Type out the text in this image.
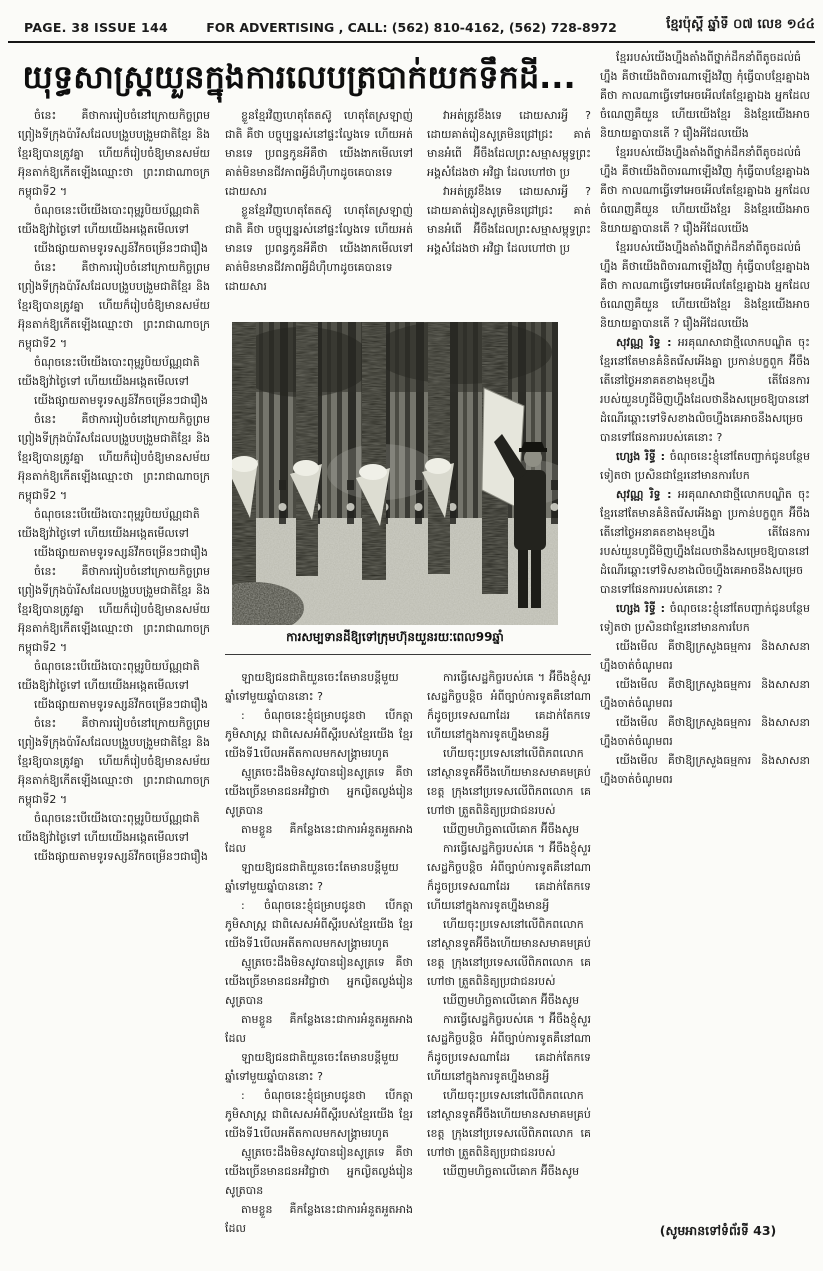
PAGE. 38 ISSUE 144	FOR ADVERTISING , CALL: (562) 810-4162, (562) 728-8972	ខ្មែរប៉ុស្តិ៍ ឆ្នាំទី ០៧ លេខ ១៤៤
យុទ្ធសាស្ត្រយួនក្នុងការលេបត្របាក់យកទឹកដី...

ចំនេះ គឺថាការរៀបចំនៅក្រោយកិច្ចព្រមព្រៀងទីក្រុងប៉ារីសដែលបង្រួបបង្រួមជាតិខ្មែរ និងខ្មែរឱ្យបានត្រូវគ្នា ហើយក៏រៀបចំឱ្យមានសម័យអ៊ុនតាក់ឱ្យកើតឡើងឈ្មោះថា ព្រះរាជាណាចក្រកម្ពុជាទី2 ។

ចំណុចនេះបើយើងបោះពុម្ពរូបិយប័ណ្ណជាតិយើងឱ្យវ៉ាថ្ងៃទៅ ហើយយើងអង្កេតមើលទៅ

យើងផ្សាយតាមទូរទស្សន៍វីកចម្រើនៗជារឿង

ចំនេះ គឺថាការរៀបចំនៅក្រោយកិច្ចព្រមព្រៀងទីក្រុងប៉ារីសដែលបង្រួបបង្រួមជាតិខ្មែរ និងខ្មែរឱ្យបានត្រូវគ្នា ហើយក៏រៀបចំឱ្យមានសម័យអ៊ុនតាក់ឱ្យកើតឡើងឈ្មោះថា ព្រះរាជាណាចក្រកម្ពុជាទី2 ។

ចំណុចនេះបើយើងបោះពុម្ពរូបិយប័ណ្ណជាតិយើងឱ្យវ៉ាថ្ងៃទៅ ហើយយើងអង្កេតមើលទៅ

យើងផ្សាយតាមទូរទស្សន៍វីកចម្រើនៗជារឿង

ចំនេះ គឺថាការរៀបចំនៅក្រោយកិច្ចព្រមព្រៀងទីក្រុងប៉ារីសដែលបង្រួបបង្រួមជាតិខ្មែរ និងខ្មែរឱ្យបានត្រូវគ្នា ហើយក៏រៀបចំឱ្យមានសម័យអ៊ុនតាក់ឱ្យកើតឡើងឈ្មោះថា ព្រះរាជាណាចក្រកម្ពុជាទី2 ។

ចំណុចនេះបើយើងបោះពុម្ពរូបិយប័ណ្ណជាតិយើងឱ្យវ៉ាថ្ងៃទៅ ហើយយើងអង្កេតមើលទៅ

យើងផ្សាយតាមទូរទស្សន៍វីកចម្រើនៗជារឿង

ចំនេះ គឺថាការរៀបចំនៅក្រោយកិច្ចព្រមព្រៀងទីក្រុងប៉ារីសដែលបង្រួបបង្រួមជាតិខ្មែរ និងខ្មែរឱ្យបានត្រូវគ្នា ហើយក៏រៀបចំឱ្យមានសម័យអ៊ុនតាក់ឱ្យកើតឡើងឈ្មោះថា ព្រះរាជាណាចក្រកម្ពុជាទី2 ។

ចំណុចនេះបើយើងបោះពុម្ពរូបិយប័ណ្ណជាតិយើងឱ្យវ៉ាថ្ងៃទៅ ហើយយើងអង្កេតមើលទៅ

យើងផ្សាយតាមទូរទស្សន៍វីកចម្រើនៗជារឿង

ចំនេះ គឺថាការរៀបចំនៅក្រោយកិច្ចព្រមព្រៀងទីក្រុងប៉ារីសដែលបង្រួបបង្រួមជាតិខ្មែរ និងខ្មែរឱ្យបានត្រូវគ្នា ហើយក៏រៀបចំឱ្យមានសម័យអ៊ុនតាក់ឱ្យកើតឡើងឈ្មោះថា ព្រះរាជាណាចក្រកម្ពុជាទី2 ។

ចំណុចនេះបើយើងបោះពុម្ពរូបិយប័ណ្ណជាតិយើងឱ្យវ៉ាថ្ងៃទៅ ហើយយើងអង្កេតមើលទៅ

យើងផ្សាយតាមទូរទស្សន៍វីកចម្រើនៗជារឿង

ខ្លួនខ្មែរវិញហេតុតែតស៊ូ ហេតុតែស្រឡាញ់ជាតិ គឺថា បច្ចុប្បន្នរស់នៅផ្ទះល្វែងទេ ហើយអត់មានទេ ប្រពន្ធកូនអីគឺថា យើងងាកមើលទៅគាត់មិនមានជីវភាពអ្វីដ៏ហ៊ឺហាដូចគេបានទេ ដោយសារ

ខ្លួនខ្មែរវិញហេតុតែតស៊ូ ហេតុតែស្រឡាញ់ជាតិ គឺថា បច្ចុប្បន្នរស់នៅផ្ទះល្វែងទេ ហើយអត់មានទេ ប្រពន្ធកូនអីគឺថា យើងងាកមើលទៅគាត់មិនមានជីវភាពអ្វីដ៏ហ៊ឺហាដូចគេបានទេ ដោយសារ

វាអត់ត្រូវខឹងទេ ដោយសារអ្វី ? ដោយគាត់រៀនសូត្រមិនជ្រៅជ្រះ គាត់មានអំពើ អ៊ីចឹងដែលព្រះសម្មាសម្ពុទ្ធព្រះអង្គសំដែងថា អវិជ្ជា ដែលហៅថា ប្រ

វាអត់ត្រូវខឹងទេ ដោយសារអ្វី ? ដោយគាត់រៀនសូត្រមិនជ្រៅជ្រះ គាត់មានអំពើ អ៊ីចឹងដែលព្រះសម្មាសម្ពុទ្ធព្រះអង្គសំដែងថា អវិជ្ជា ដែលហៅថា ប្រ

ការសម្បទានដីឱ្យទៅក្រុមហ៊ុនយួនរយៈពេល99ឆ្នាំ

ឡាយឱ្យជនជាតិយួនចេះតែមានបន្តីមួយឆ្នាំទៅមួយឆ្នាំបាននោះ ?

: ចំណុចនេះខ្ញុំជម្រាបជូនថា បើកត្តាភូមិសាស្ត្រ ជាពិសេសអំពីស្តីរបស់ខ្មែរយើង ខ្មែរយើងទី1បើលអតីតកាលមកសង្គ្រាមរហូត

ស្មូត្រចេះដឹងមិនសូវបានរៀនសូត្រទេ គឺថាយើងច្រើនមានជនអវិជ្ជាថា អ្នកល្ងិតល្ងង់រៀនសូត្របាន

តាមខ្លួន គឺកន្លែងនេះជាការអំនួតអួតអាងដែល

ឡាយឱ្យជនជាតិយួនចេះតែមានបន្តីមួយឆ្នាំទៅមួយឆ្នាំបាននោះ ?

: ចំណុចនេះខ្ញុំជម្រាបជូនថា បើកត្តាភូមិសាស្ត្រ ជាពិសេសអំពីស្តីរបស់ខ្មែរយើង ខ្មែរយើងទី1បើលអតីតកាលមកសង្គ្រាមរហូត

ស្មូត្រចេះដឹងមិនសូវបានរៀនសូត្រទេ គឺថាយើងច្រើនមានជនអវិជ្ជាថា អ្នកល្ងិតល្ងង់រៀនសូត្របាន

តាមខ្លួន គឺកន្លែងនេះជាការអំនួតអួតអាងដែល

ឡាយឱ្យជនជាតិយួនចេះតែមានបន្តីមួយឆ្នាំទៅមួយឆ្នាំបាននោះ ?

: ចំណុចនេះខ្ញុំជម្រាបជូនថា បើកត្តាភូមិសាស្ត្រ ជាពិសេសអំពីស្តីរបស់ខ្មែរយើង ខ្មែរយើងទី1បើលអតីតកាលមកសង្គ្រាមរហូត

ស្មូត្រចេះដឹងមិនសូវបានរៀនសូត្រទេ គឺថាយើងច្រើនមានជនអវិជ្ជាថា អ្នកល្ងិតល្ងង់រៀនសូត្របាន

តាមខ្លួន គឺកន្លែងនេះជាការអំនួតអួតអាងដែល

ការធ្វើសេដ្ឋកិច្ចរបស់គេ ។ អ៊ីចឹងខ្ញុំសួរសេដ្ឋកិច្ចបន្តិច អំពីច្បាប់ការទូតគឺនៅណាក៏ដូចប្រទេសណាដែរ គេដាក់តែកទេ ហើយនៅក្នុងការទូតហ្នឹងមានអ្វី

ហើយចុះប្រទេសនៅលើពិភពលោក នៅស្ថានទូតអ៊ីចឹងហើយមានសមាគមគ្រប់ខេត្ត ក្រុងនៅប្រទេសលើពិភពលោក គេហៅថា ត្រួតពិនិត្យប្រជាជនរបស់

ឃើញមហិច្ឆតាលើគោក អ៊ីចឹងសូម

ការធ្វើសេដ្ឋកិច្ចរបស់គេ ។ អ៊ីចឹងខ្ញុំសួរសេដ្ឋកិច្ចបន្តិច អំពីច្បាប់ការទូតគឺនៅណាក៏ដូចប្រទេសណាដែរ គេដាក់តែកទេ ហើយនៅក្នុងការទូតហ្នឹងមានអ្វី

ហើយចុះប្រទេសនៅលើពិភពលោក នៅស្ថានទូតអ៊ីចឹងហើយមានសមាគមគ្រប់ខេត្ត ក្រុងនៅប្រទេសលើពិភពលោក គេហៅថា ត្រួតពិនិត្យប្រជាជនរបស់

ឃើញមហិច្ឆតាលើគោក អ៊ីចឹងសូម

ការធ្វើសេដ្ឋកិច្ចរបស់គេ ។ អ៊ីចឹងខ្ញុំសួរសេដ្ឋកិច្ចបន្តិច អំពីច្បាប់ការទូតគឺនៅណាក៏ដូចប្រទេសណាដែរ គេដាក់តែកទេ ហើយនៅក្នុងការទូតហ្នឹងមានអ្វី

ហើយចុះប្រទេសនៅលើពិភពលោក នៅស្ថានទូតអ៊ីចឹងហើយមានសមាគមគ្រប់ខេត្ត ក្រុងនៅប្រទេសលើពិភពលោក គេហៅថា ត្រួតពិនិត្យប្រជាជនរបស់

ឃើញមហិច្ឆតាលើគោក អ៊ីចឹងសូម

ខ្មែររបស់យើងហ្នឹងតាំងពីថ្នាក់ដឹកនាំពីតូចដល់ធំហ្នឹង គឺថាយើងពិចារណាឡើងវិញ កុំធ្វើបាបខ្មែរគ្នាឯង គឺថា កាលណាធ្វើទៅអេចអើលតែខ្មែរគ្នាឯង អ្នកដែលចំណេញគឺយួន ហើយយើងខ្មែរ និងខ្មែរយើងអាចនិយាយគ្នាបានតើ ? រឿងអីដែលយើង

ខ្មែររបស់យើងហ្នឹងតាំងពីថ្នាក់ដឹកនាំពីតូចដល់ធំហ្នឹង គឺថាយើងពិចារណាឡើងវិញ កុំធ្វើបាបខ្មែរគ្នាឯង គឺថា កាលណាធ្វើទៅអេចអើលតែខ្មែរគ្នាឯង អ្នកដែលចំណេញគឺយួន ហើយយើងខ្មែរ និងខ្មែរយើងអាចនិយាយគ្នាបានតើ ? រឿងអីដែលយើង

ខ្មែររបស់យើងហ្នឹងតាំងពីថ្នាក់ដឹកនាំពីតូចដល់ធំហ្នឹង គឺថាយើងពិចារណាឡើងវិញ កុំធ្វើបាបខ្មែរគ្នាឯង គឺថា កាលណាធ្វើទៅអេចអើលតែខ្មែរគ្នាឯង អ្នកដែលចំណេញគឺយួន ហើយយើងខ្មែរ និងខ្មែរយើងអាចនិយាយគ្នាបានតើ ? រឿងអីដែលយើង

សុវណ្ណ រិទ្ធ : អរគុណសាជាថ្មីលោកបណ្ឌិត ចុះខ្មែរនៅតែមានគំនិតរើសអើងគ្នា ប្រកាន់បក្ខពួក អ៊ីចឹង តើនៅថ្ងៃអនាគតខាងមុខហ្នឹង តើផែនការរបស់យួនហូជីមិញហ្នឹងដែលថានឹងសម្រេចឱ្យបាននៅដំណើរឆ្ពោះទៅទិសខាងលិចហ្នឹងគេអាចនឹងសម្រេចបានទៅផែនការរបស់គេនោះ ?

ហ្សេង រិទ្ធី : ចំណុចនេះខ្ញុំនៅតែបញ្ជាក់ជូនបន្ថែមទៀតថា ប្រសិនជាខ្មែរនៅមានការបែក

សុវណ្ណ រិទ្ធ : អរគុណសាជាថ្មីលោកបណ្ឌិត ចុះខ្មែរនៅតែមានគំនិតរើសអើងគ្នា ប្រកាន់បក្ខពួក អ៊ីចឹង តើនៅថ្ងៃអនាគតខាងមុខហ្នឹង តើផែនការរបស់យួនហូជីមិញហ្នឹងដែលថានឹងសម្រេចឱ្យបាននៅដំណើរឆ្ពោះទៅទិសខាងលិចហ្នឹងគេអាចនឹងសម្រេចបានទៅផែនការរបស់គេនោះ ?

ហ្សេង រិទ្ធី : ចំណុចនេះខ្ញុំនៅតែបញ្ជាក់ជូនបន្ថែមទៀតថា ប្រសិនជាខ្មែរនៅមានការបែក

យើងមើល គឺថាឱ្យក្រសួងធម្មការ និងសាសនាហ្នឹងចាត់ចំណូមពរ

យើងមើល គឺថាឱ្យក្រសួងធម្មការ និងសាសនាហ្នឹងចាត់ចំណូមពរ

យើងមើល គឺថាឱ្យក្រសួងធម្មការ និងសាសនាហ្នឹងចាត់ចំណូមពរ

យើងមើល គឺថាឱ្យក្រសួងធម្មការ និងសាសនាហ្នឹងចាត់ចំណូមពរ

(សូមអានទៅទំព័រទី 43)
